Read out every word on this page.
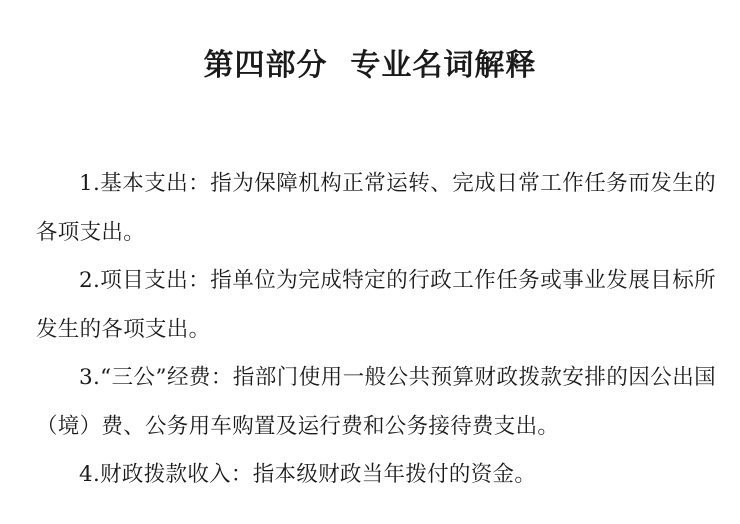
第四部分  专业名词解释

1.基本支出：指为保障机构正常运转、完成日常工作任务而发生的各项支出。

2.项目支出：指单位为完成特定的行政工作任务或事业发展目标所发生的各项支出。

3.“三公”经费：指部门使用一般公共预算财政拨款安排的因公出国（境）费、公务用车购置及运行费和公务接待费支出。

4.财政拨款收入：指本级财政当年拨付的资金。
